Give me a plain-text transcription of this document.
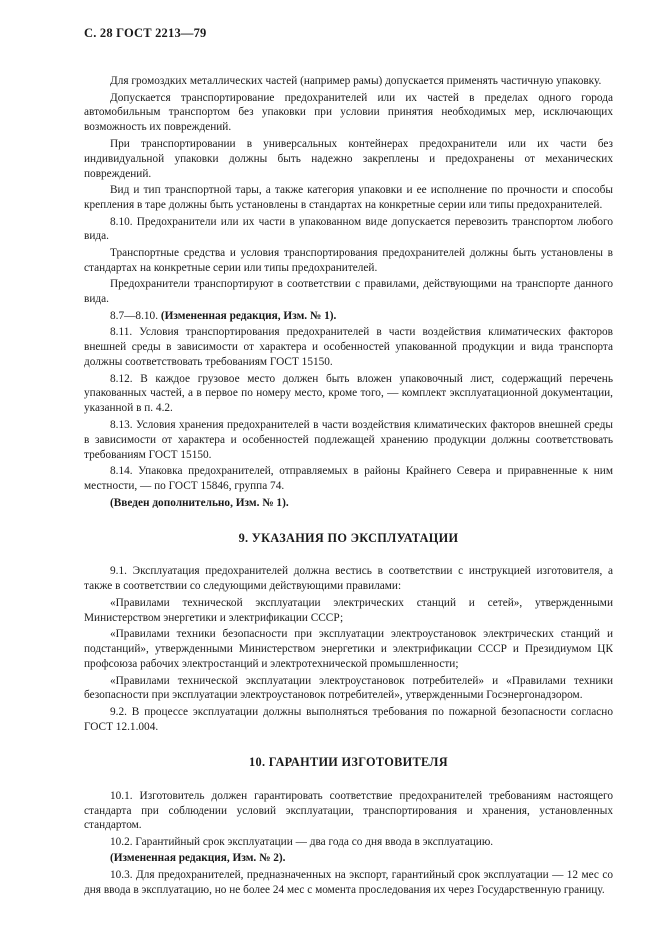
С. 28 ГОСТ 2213—79

Для громоздких металлических частей (например рамы) допускается применять частичную упаковку.

Допускается транспортирование предохранителей или их частей в пределах одного города автомобильным транспортом без упаковки при условии принятия необходимых мер, исключающих возможность их повреждений.

При транспортировании в универсальных контейнерах предохранители или их части без индивидуальной упаковки должны быть надежно закреплены и предохранены от механических повреждений.

Вид и тип транспортной тары, а также категория упаковки и ее исполнение по прочности и способы крепления в таре должны быть установлены в стандартах на конкретные серии или типы предохранителей.

8.10. Предохранители или их части в упакованном виде допускается перевозить транспортом любого вида.

Транспортные средства и условия транспортирования предохранителей должны быть установлены в стандартах на конкретные серии или типы предохранителей.

Предохранители транспортируют в соответствии с правилами, действующими на транспорте данного вида.

8.7—8.10. (Измененная редакция, Изм. № 1).

8.11. Условия транспортирования предохранителей в части воздействия климатических факторов внешней среды в зависимости от характера и особенностей упакованной продукции и вида транспорта должны соответствовать требованиям ГОСТ 15150.

8.12. В каждое грузовое место должен быть вложен упаковочный лист, содержащий перечень упакованных частей, а в первое по номеру место, кроме того, — комплект эксплуатационной документации, указанной в п. 4.2.

8.13. Условия хранения предохранителей в части воздействия климатических факторов внешней среды в зависимости от характера и особенностей подлежащей хранению продукции должны соответствовать требованиям ГОСТ 15150.

8.14. Упаковка предохранителей, отправляемых в районы Крайнего Севера и приравненные к ним местности, — по ГОСТ 15846, группа 74.

(Введен дополнительно, Изм. № 1).

9. УКАЗАНИЯ ПО ЭКСПЛУАТАЦИИ

9.1. Эксплуатация предохранителей должна вестись в соответствии с инструкцией изготовителя, а также в соответствии со следующими действующими правилами:

«Правилами технической эксплуатации электрических станций и сетей», утвержденными Министерством энергетики и электрификации СССР;

«Правилами техники безопасности при эксплуатации электроустановок электрических станций и подстанций», утвержденными Министерством энергетики и электрификации СССР и Президиумом ЦК профсоюза рабочих электростанций и электротехнической промышленности;

«Правилами технической эксплуатации электроустановок потребителей» и «Правилами техники безопасности при эксплуатации электроустановок потребителей», утвержденными Госэнергонадзором.

9.2. В процессе эксплуатации должны выполняться требования по пожарной безопасности согласно ГОСТ 12.1.004.

10. ГАРАНТИИ ИЗГОТОВИТЕЛЯ

10.1. Изготовитель должен гарантировать соответствие предохранителей требованиям настоящего стандарта при соблюдении условий эксплуатации, транспортирования и хранения, установленных стандартом.

10.2. Гарантийный срок эксплуатации — два года со дня ввода в эксплуатацию.

(Измененная редакция, Изм. № 2).

10.3. Для предохранителей, предназначенных на экспорт, гарантийный срок эксплуатации — 12 мес со дня ввода в эксплуатацию, но не более 24 мес с момента проследования их через Государственную границу.
